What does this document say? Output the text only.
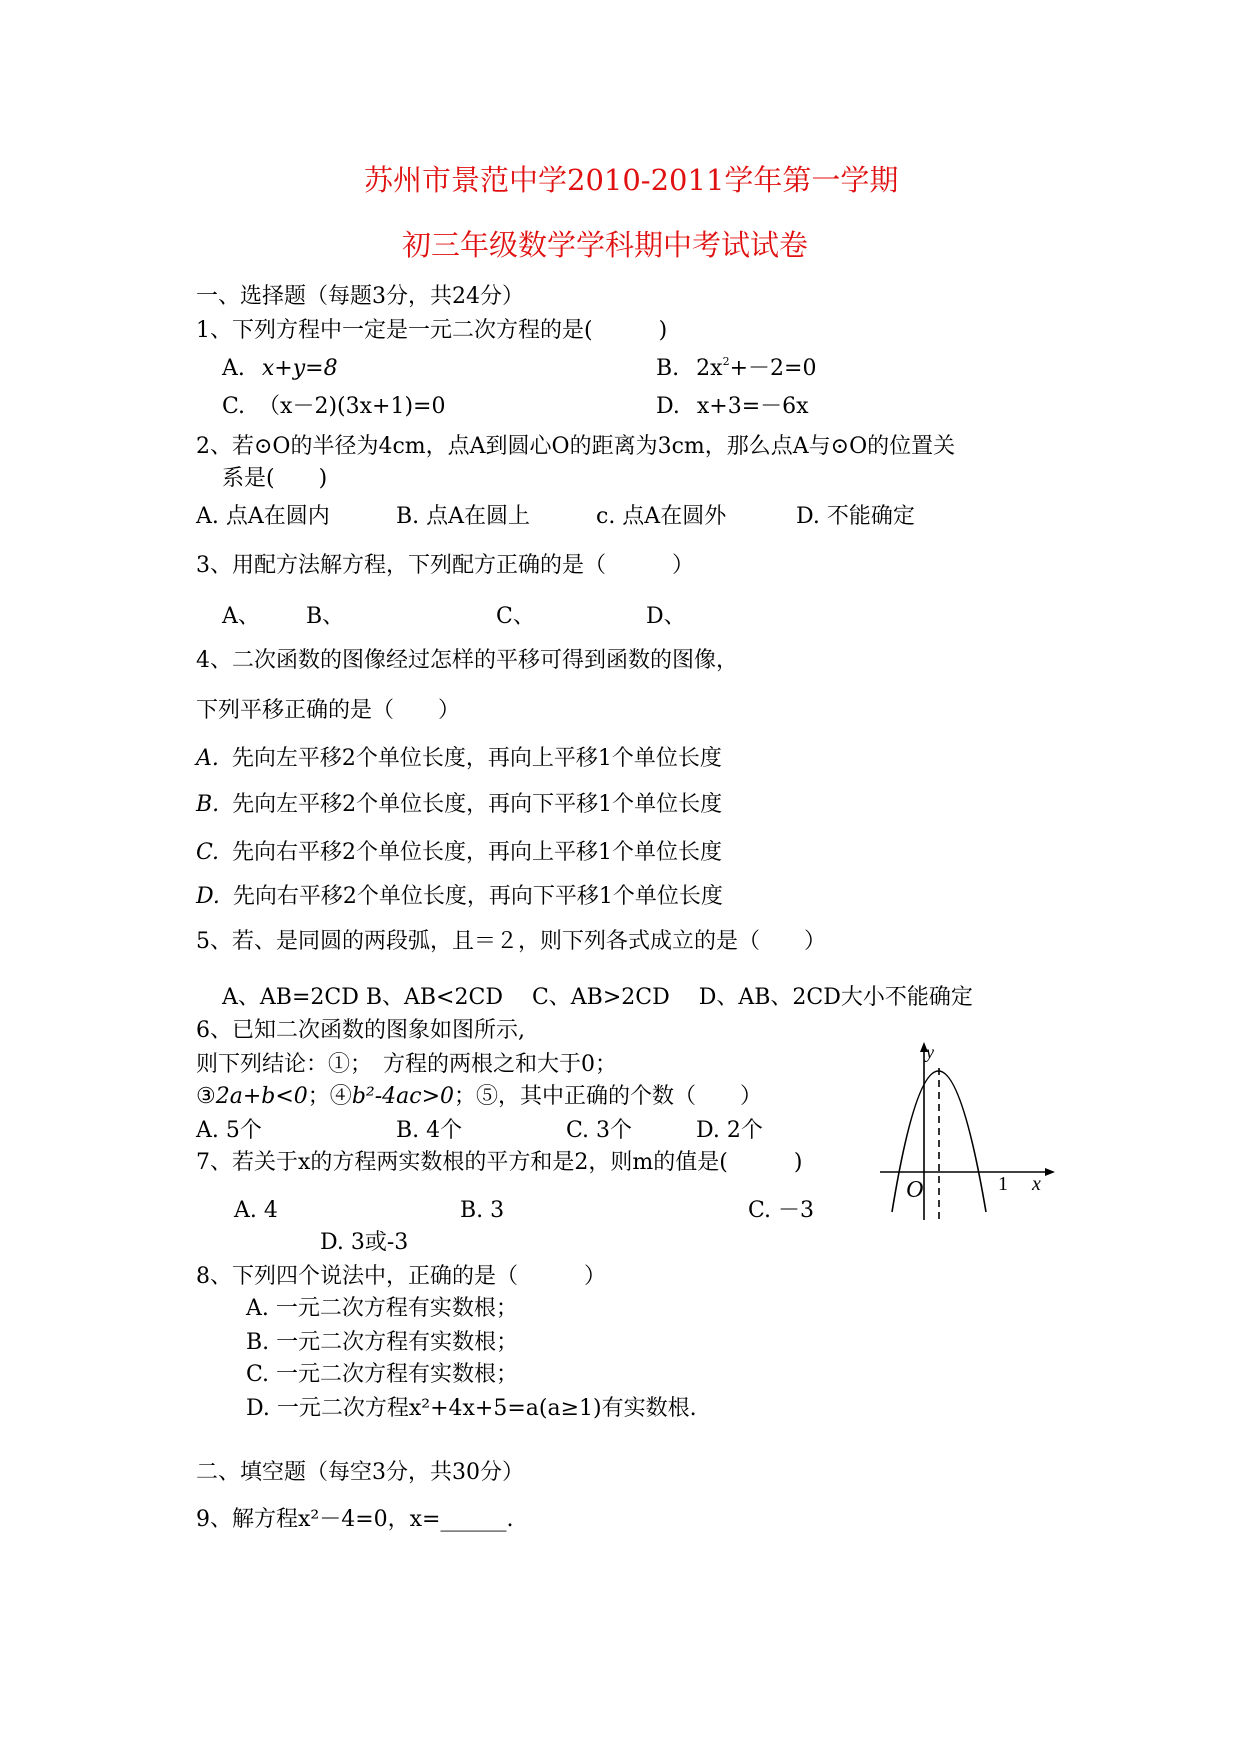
苏州市景范中学2010-2011学年第一学期
初三年级数学学科期中考试试卷
一、选择题（每题3分，共24分）
1、下列方程中一定是一元二次方程的是(　　　)
A. x+y=8	B. $2x^2+-2=0$
C. （x－2)(3x+1)=0	D. x+3=－6x
2、若⊙O的半径为4cm，点A到圆心O的距离为3cm，那么点A与⊙O的位置关
系是(　　)
A. 点A在圆内	B. 点A在圆上	c. 点A在圆外	D. 不能确定
3、用配方法解方程，下列配方正确的是（　　　）
A、 B、	C、	D、
4、二次函数的图像经过怎样的平移可得到函数的图像，
下列平移正确的是（　　）
A. 先向左平移2个单位长度，再向上平移1个单位长度
B. 先向左平移2个单位长度，再向下平移1个单位长度
C. 先向右平移2个单位长度，再向上平移1个单位长度
D. 先向右平移2个单位长度，再向下平移1个单位长度
5、若、是同圆的两段弧，且＝２，则下列各式成立的是（　　）
A、AB=2CD B、AB<2CD　 C、AB>2CD　 D、AB、2CD大小不能确定
6、已知二次函数的图象如图所示,
则下列结论：①；　方程的两根之和大于0；
③2a+b<0；④b²-4ac>0；⑤，其中正确的个数（　　）
A. 5个	B. 4个	C. 3个	D. 2个
y
x
O	1
7、若关于x的方程两实数根的平方和是2，则m的值是(　　　)
A. 4	B. 3	C. －3
D. 3或-3
8、下列四个说法中，正确的是（　　　）
A. 一元二次方程有实数根；
B. 一元二次方程有实数根；
C. 一元二次方程有实数根；
D. 一元二次方程x²+4x+5=a(a≥1)有实数根.
二、填空题（每空3分，共30分）
9、解方程x²－4=0，x=______.
